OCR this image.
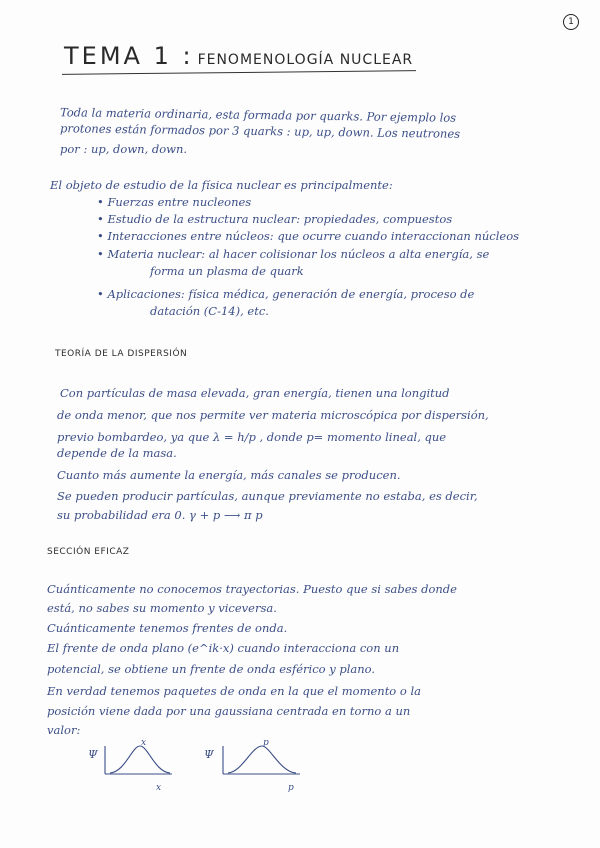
1
TEMA 1 : FENOMENOLOGÍA NUCLEAR
Toda la materia ordinaria, esta formada por quarks. Por ejemplo los
protones están formados por 3 quarks : up, up, down. Los neutrones
por : up, down, down.
El objeto de estudio de la física nuclear es principalmente:
• Fuerzas entre nucleones
• Estudio de la estructura nuclear: propiedades, compuestos
• Interacciones entre núcleos: que ocurre cuando interaccionan núcleos
• Materia nuclear: al hacer colisionar los núcleos a alta energía, se
forma un plasma de quark
• Aplicaciones: física médica, generación de energía, proceso de
datación (C-14), etc.
TEORÍA DE LA DISPERSIÓN
Con partículas de masa elevada, gran energía, tienen una longitud
de onda menor, que nos permite ver materia microscópica por dispersión,
previo bombardeo, ya que λ = h/p , donde p= momento lineal, que
depende de la masa.
Cuanto más aumente la energía, más canales se producen.
Se pueden producir partículas, aunque previamente no estaba, es decir,
su probabilidad era 0. γ + p ⟶ π p
SECCIÓN EFICAZ
Cuánticamente no conocemos trayectorias. Puesto que si sabes donde
está, no sabes su momento y viceversa.
Cuánticamente tenemos frentes de onda.
El frente de onda plano (e^ik·x) cuando interacciona con un
potencial, se obtiene un frente de onda esférico y plano.
En verdad tenemos paquetes de onda en la que el momento o la
posición viene dada por una gaussiana centrada en torno a un
valor:
Ψ
x
x
Ψ
p
p
